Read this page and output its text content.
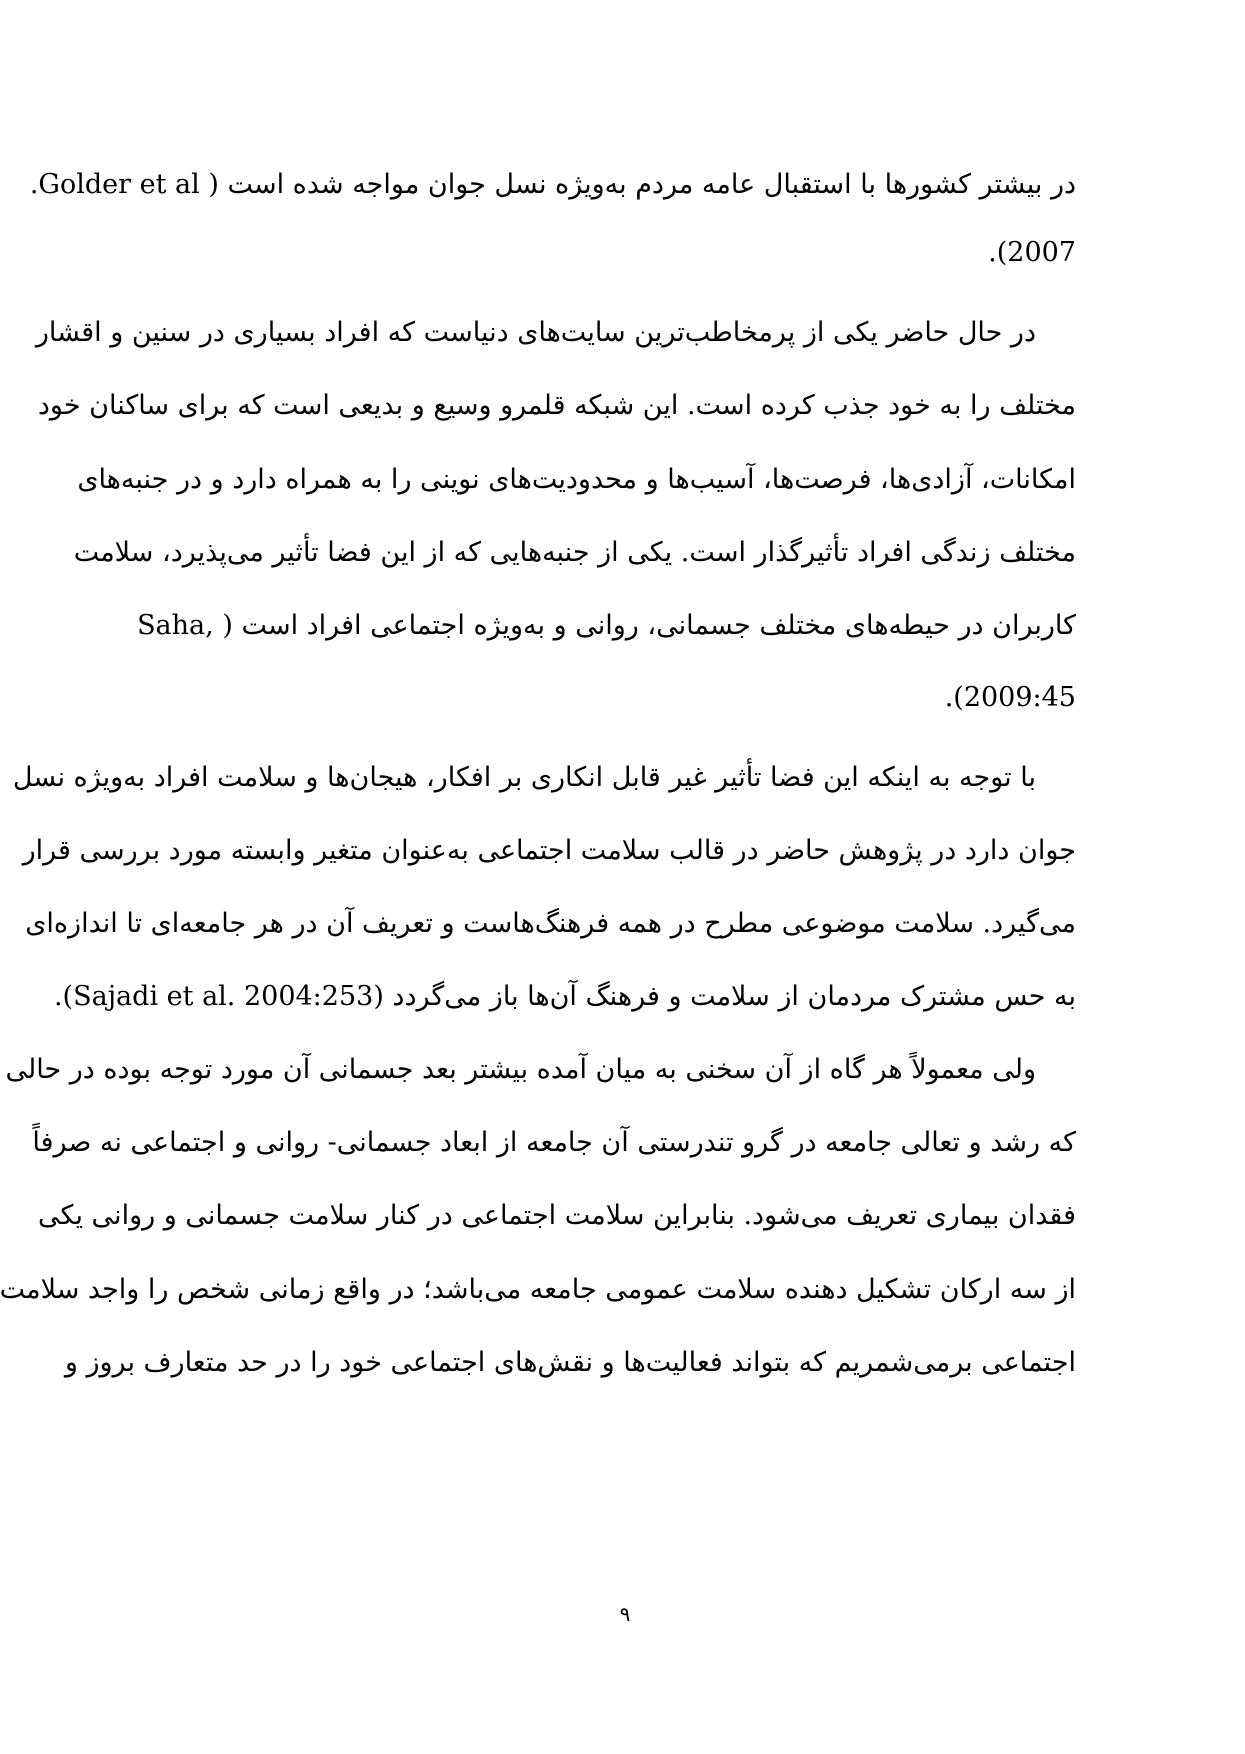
در بیشتر کشورها با استقبال عامه مردم به‌ویژه نسل جوان مواجه شده است ( Golder et al.
.(2007
در حال حاضر یکی از پرمخاطب‌ترین سایت‌های دنیاست که افراد بسیاری در سنین و اقشار
مختلف را به خود جذب کرده است. این شبکه قلمرو وسیع و بدیعی است که برای ساکنان خود
امکانات، آزادی‌ها، فرصت‌ها، آسیب‌ها و محدودیت‌های نوینی را به همراه دارد و در جنبه‌های
مختلف زندگی افراد تأثیرگذار است. یکی از جنبه‌هایی که از این فضا تأثیر می‌پذیرد، سلامت
کاربران در حیطه‌های مختلف جسمانی، روانی و به‌ویژه اجتماعی افراد است ( ,Saha
.(2009:45
با توجه به اینکه این فضا تأثیر غیر قابل انکاری بر افکار، هیجان‌ها و سلامت افراد به‌ویژه نسل
جوان دارد در پژوهش حاضر در قالب سلامت اجتماعی به‌عنوان متغیر وابسته مورد بررسی قرار
می‌گیرد. سلامت موضوعی مطرح در همه فرهنگ‌هاست و تعریف آن در هر جامعه‌ای تا اندازه‌ای
به حس مشترک مردمان از سلامت و فرهنگ آن‌ها باز می‌گردد (Sajadi et al. 2004:253).
ولی معمولاً هر گاه از آن سخنی به میان آمده بیشتر بعد جسمانی آن مورد توجه بوده در حالی
که رشد و تعالی جامعه در گرو تندرستی آن جامعه از ابعاد جسمانی- روانی و اجتماعی نه صرفاً
فقدان بیماری تعریف می‌شود. بنابراین سلامت اجتماعی در کنار سلامت جسمانی و روانی یکی
از سه ارکان تشکیل دهنده سلامت عمومی جامعه می‌باشد؛ در واقع زمانی شخص را واجد سلامت
اجتماعی برمی‌شمریم که بتواند فعالیت‌ها و نقش‌های اجتماعی خود را در حد متعارف بروز و
۹
